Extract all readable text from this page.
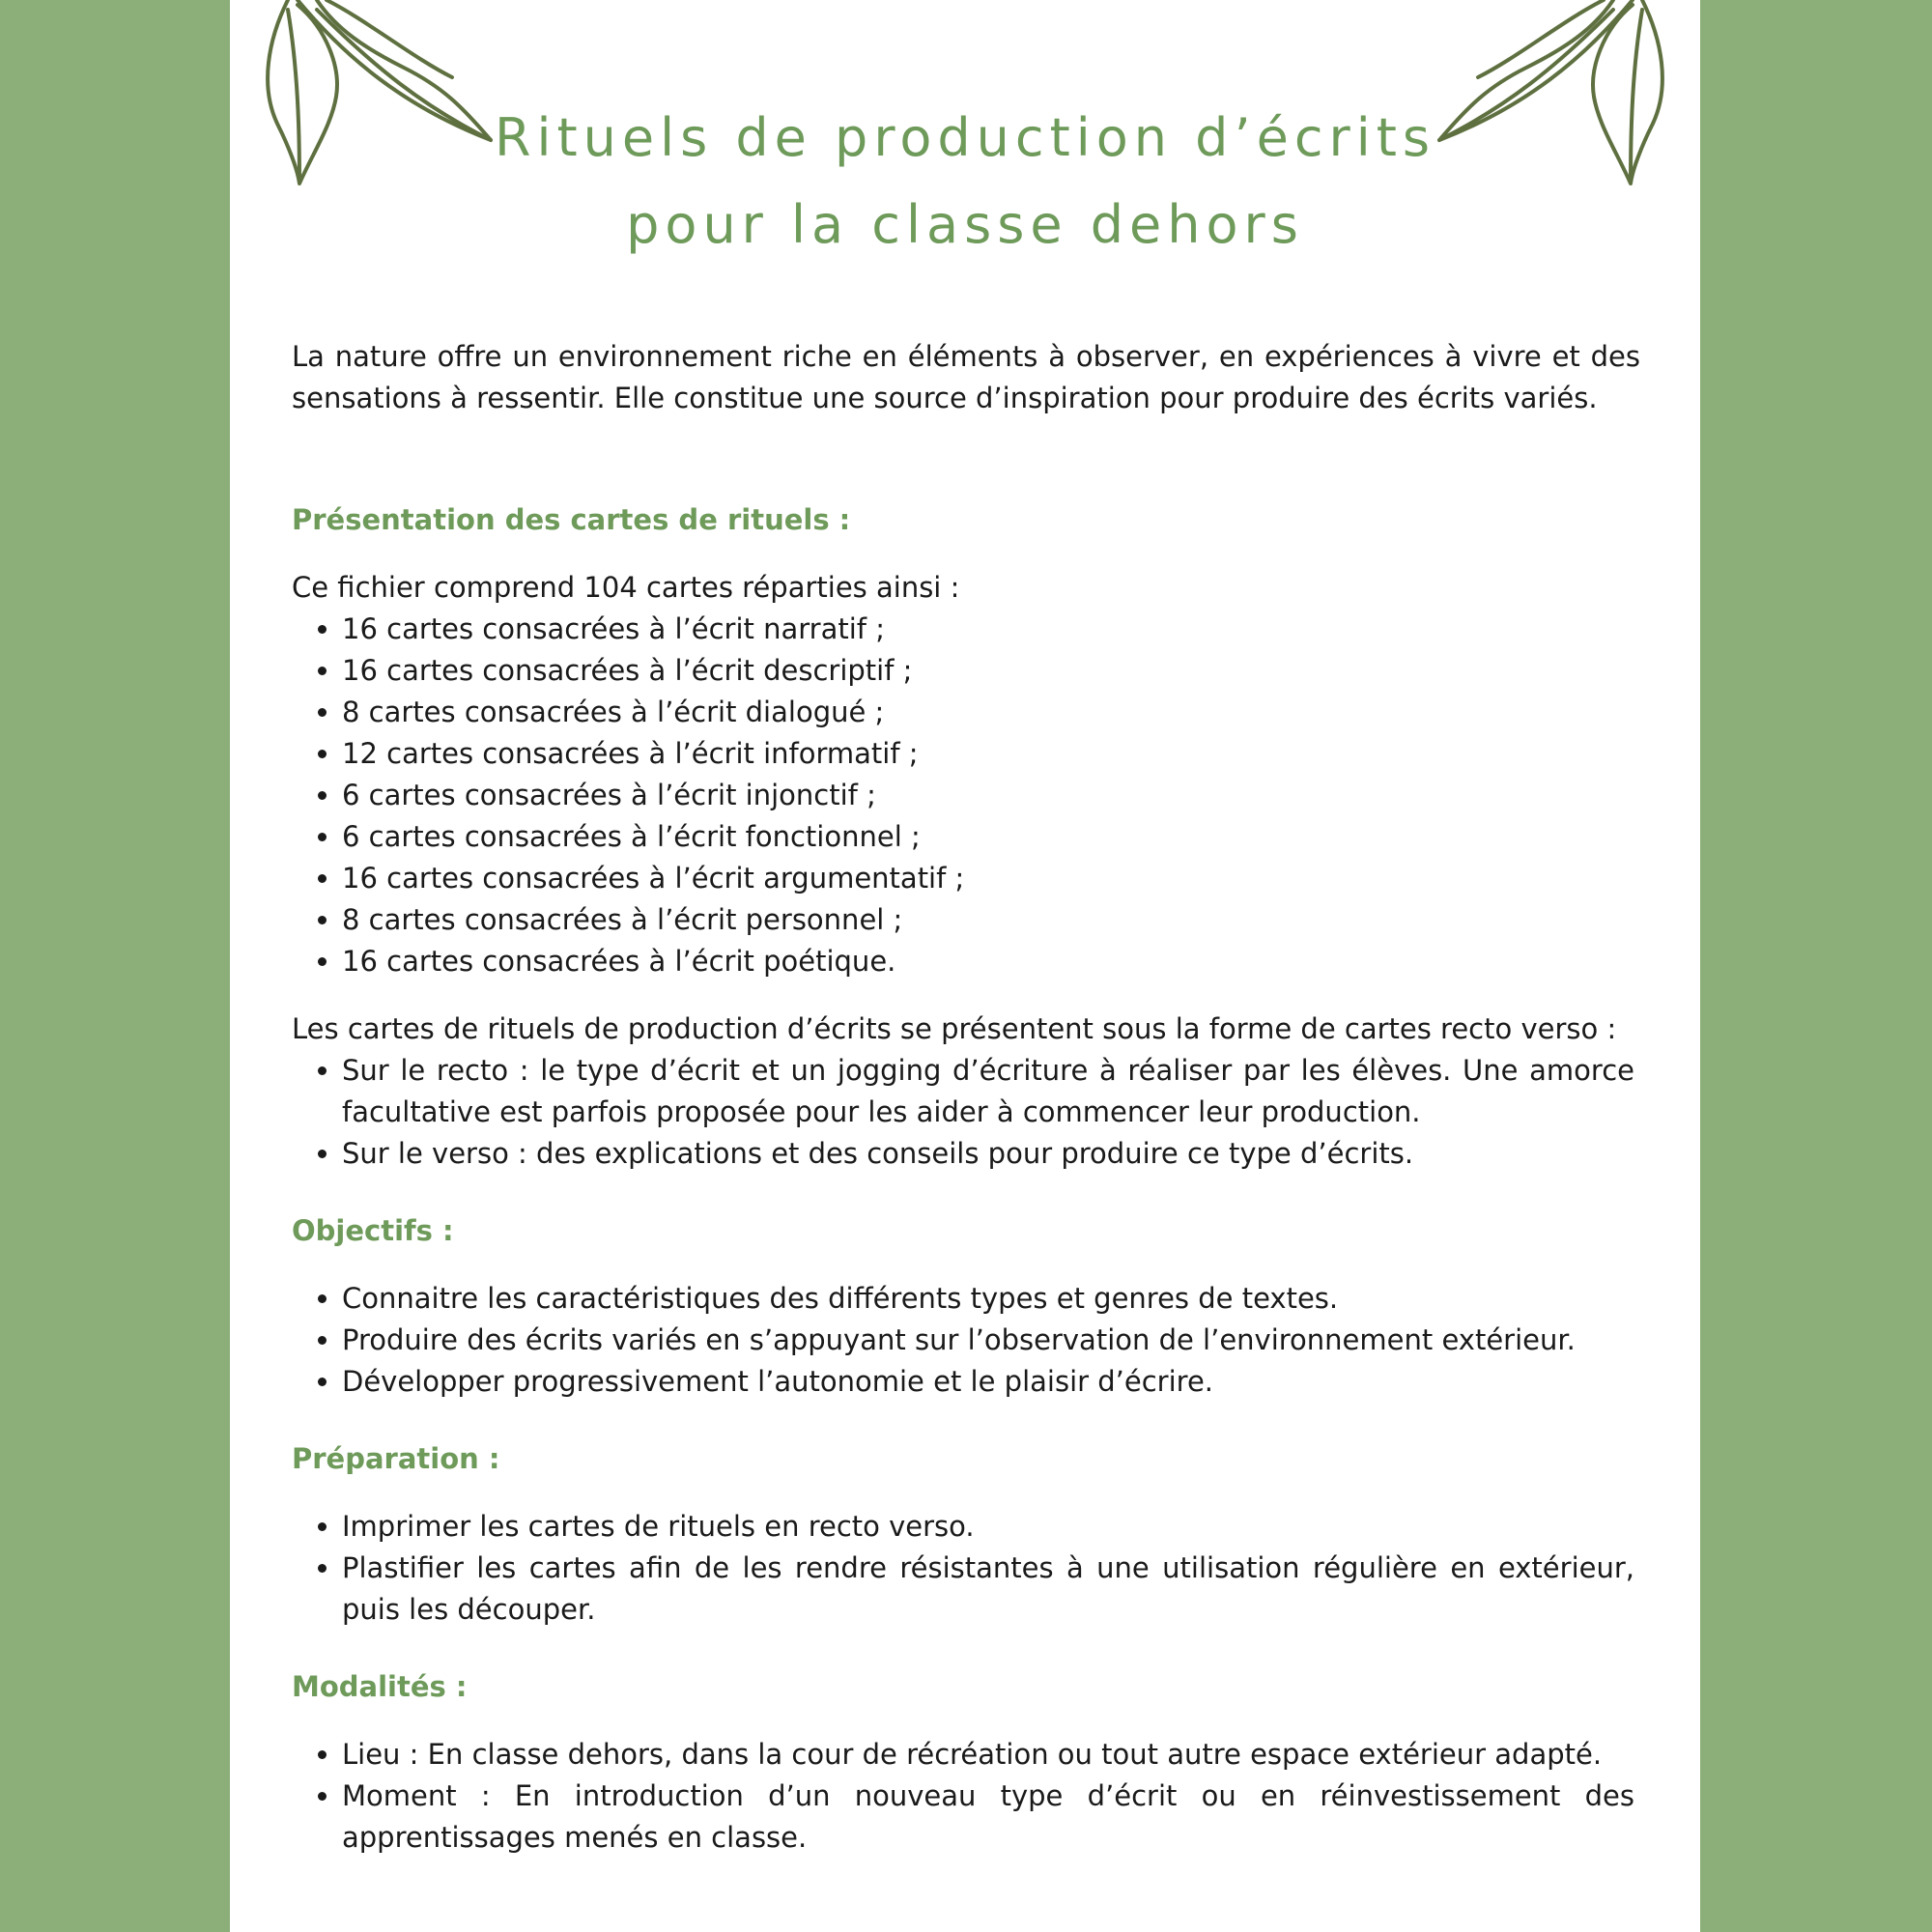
Rituels de production d’écrits
pour la classe dehors

La nature offre un environnement riche en éléments à observer, en expériences à vivre et des sensations à ressentir. Elle constitue une source d’inspiration pour produire des écrits variés.

Présentation des cartes de rituels :

Ce fichier comprend 104 cartes réparties ainsi :

• 16 cartes consacrées à l’écrit narratif ;
• 16 cartes consacrées à l’écrit descriptif ;
• 8 cartes consacrées à l’écrit dialogué ;
• 12 cartes consacrées à l’écrit informatif ;
• 6 cartes consacrées à l’écrit injonctif ;
• 6 cartes consacrées à l’écrit fonctionnel ;
• 16 cartes consacrées à l’écrit argumentatif ;
• 8 cartes consacrées à l’écrit personnel ;
• 16 cartes consacrées à l’écrit poétique.

Les cartes de rituels de production d’écrits se présentent sous la forme de cartes recto verso :

• Sur le recto : le type d’écrit et un jogging d’écriture à réaliser par les élèves. Une amorce facultative est parfois proposée pour les aider à commencer leur production.
• Sur le verso : des explications et des conseils pour produire ce type d’écrits.
Objectifs :
• Connaitre les caractéristiques des différents types et genres de textes.
• Produire des écrits variés en s’appuyant sur l’observation de l’environnement extérieur.
• Développer progressivement l’autonomie et le plaisir d’écrire.
Préparation :
• Imprimer les cartes de rituels en recto verso.
• Plastifier les cartes afin de les rendre résistantes à une utilisation régulière en extérieur, puis les découper.
Modalités :
• Lieu : En classe dehors, dans la cour de récréation ou tout autre espace extérieur adapté.
• Moment : En introduction d’un nouveau type d’écrit ou en réinvestissement des apprentissages menés en classe.
